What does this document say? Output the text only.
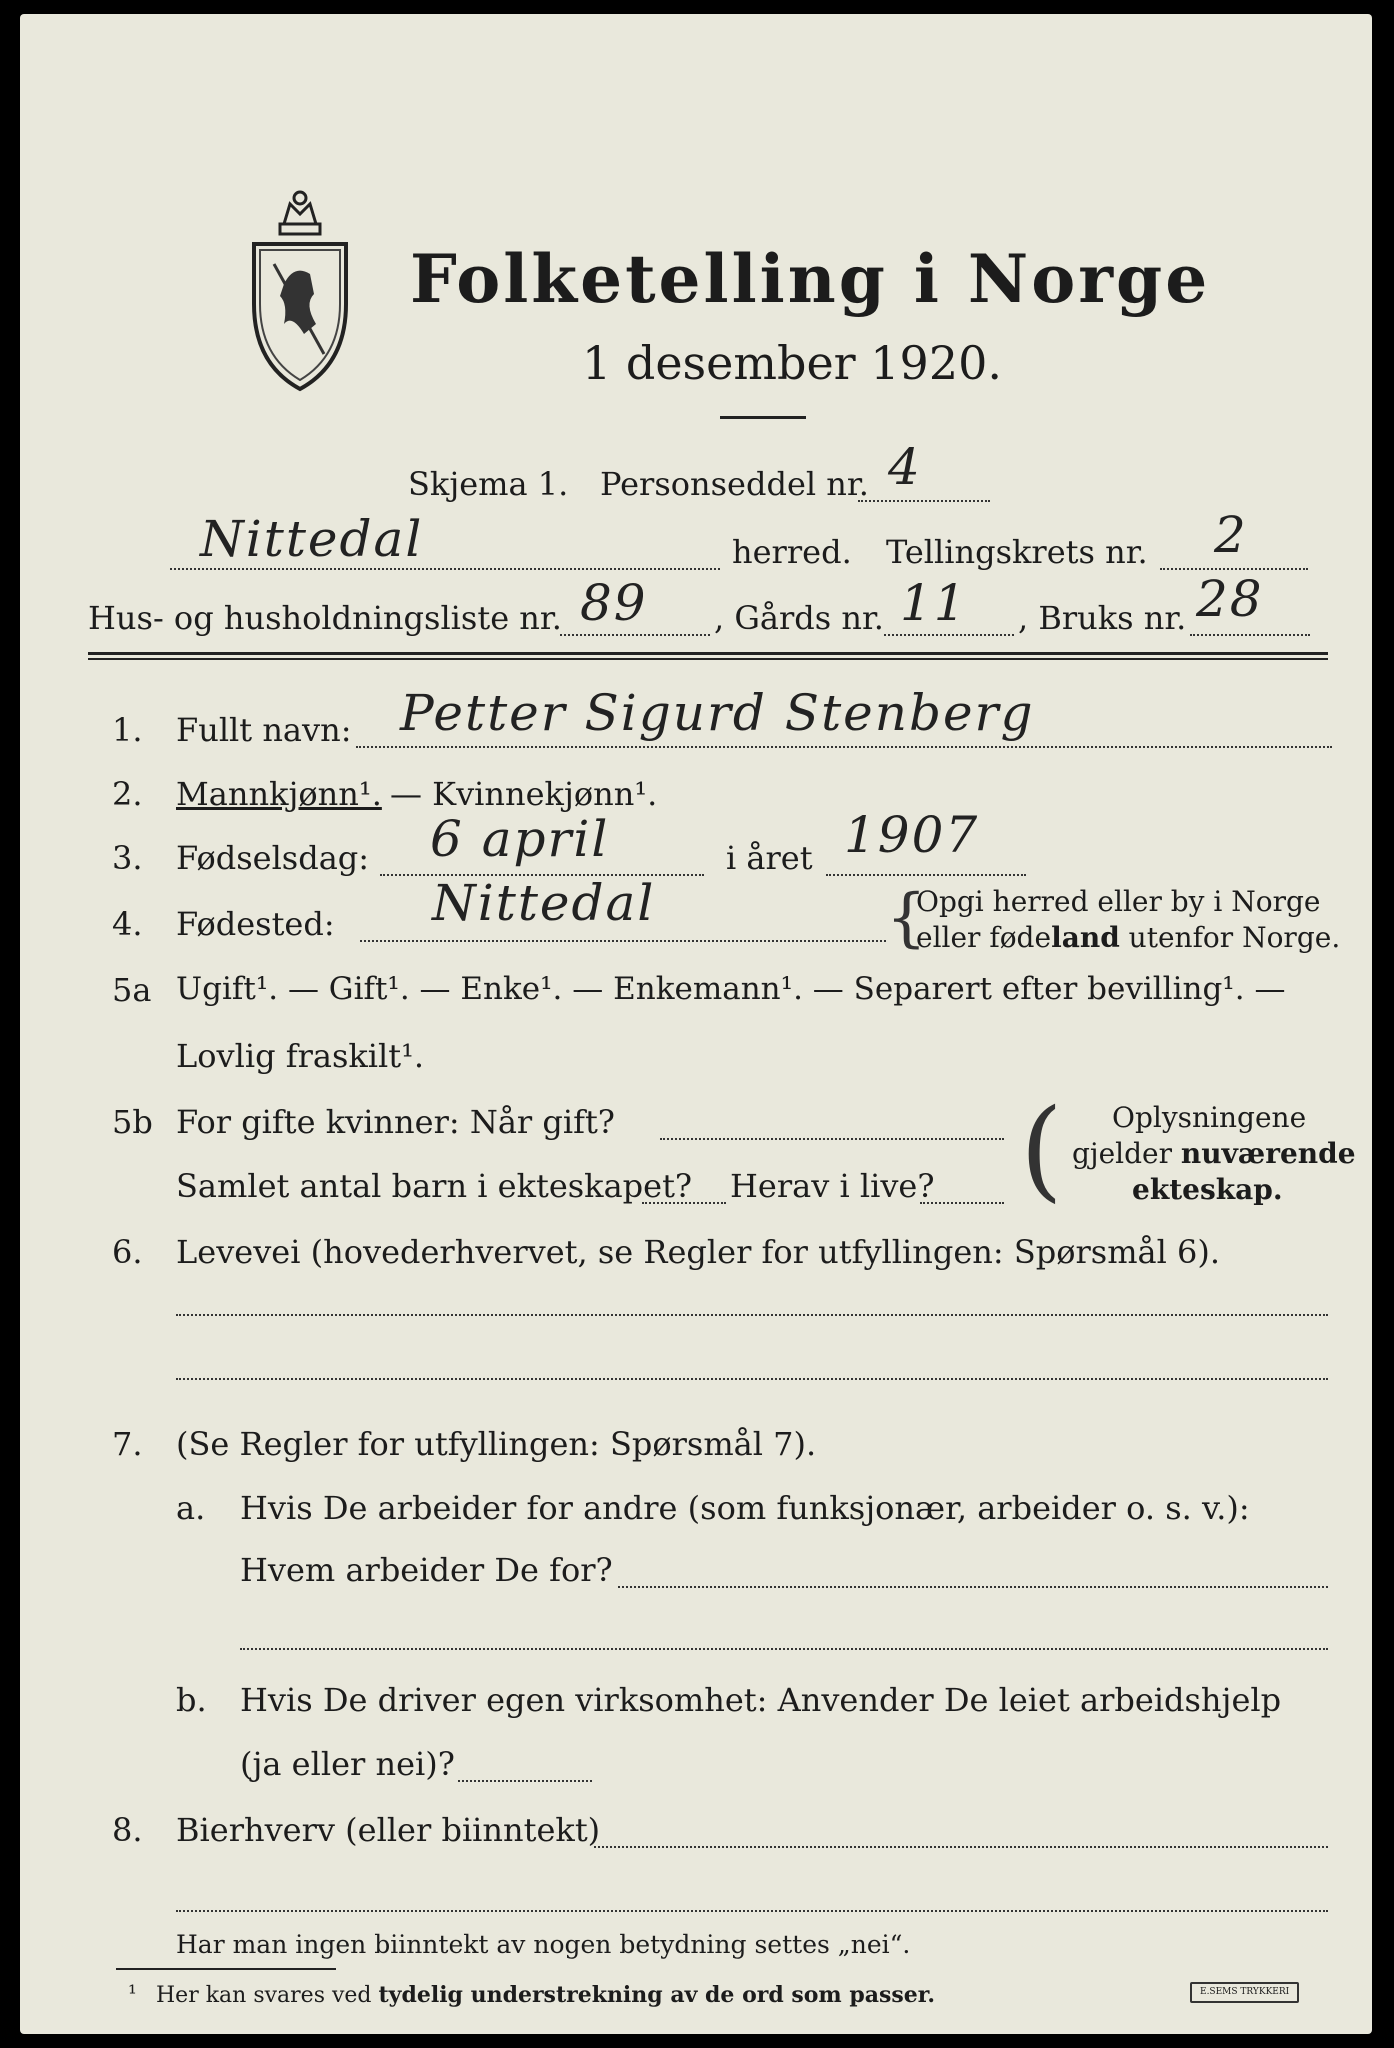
Folketelling i Norge
1 desember 1920.
Skjema 1. Personseddel nr. 4
Nittedal	herred. Tellingskrets nr. 2
Hus- og husholdningsliste nr. 89 , Gårds nr. 11 , Bruks nr. 28
1. Fullt navn: Petter Sigurd Stenberg
2. Mannkjønn¹. — Kvinnekjønn¹.
3. Fødselsdag: 6 april	i året 1907
4. Fødested: Nittedal	{
Opgi herred eller by i Norge
eller fødeland utenfor Norge.
5a Ugift¹. — Gift¹. — Enke¹. — Enkemann¹. — Separert efter bevilling¹. —
Lovlig fraskilt¹.
5b For gifte kvinner: Når gift?
Samlet antal barn i ekteskapet? Herav i live? ( Oplysningene
gjelder nuværende
ekteskap.
6. Levevei (hovederhvervet, se Regler for utfyllingen: Spørsmål 6).
7. (Se Regler for utfyllingen: Spørsmål 7).
a. Hvis De arbeider for andre (som funksjonær, arbeider o. s. v.):
Hvem arbeider De for?
b. Hvis De driver egen virksomhet: Anvender De leiet arbeidshjelp
(ja eller nei)?
8. Bierhverv (eller biinntekt)
Har man ingen biinntekt av nogen betydning settes „nei“.
¹ Her kan svares ved tydelig understrekning av de ord som passer.	E.SEMS TRYKKERI
